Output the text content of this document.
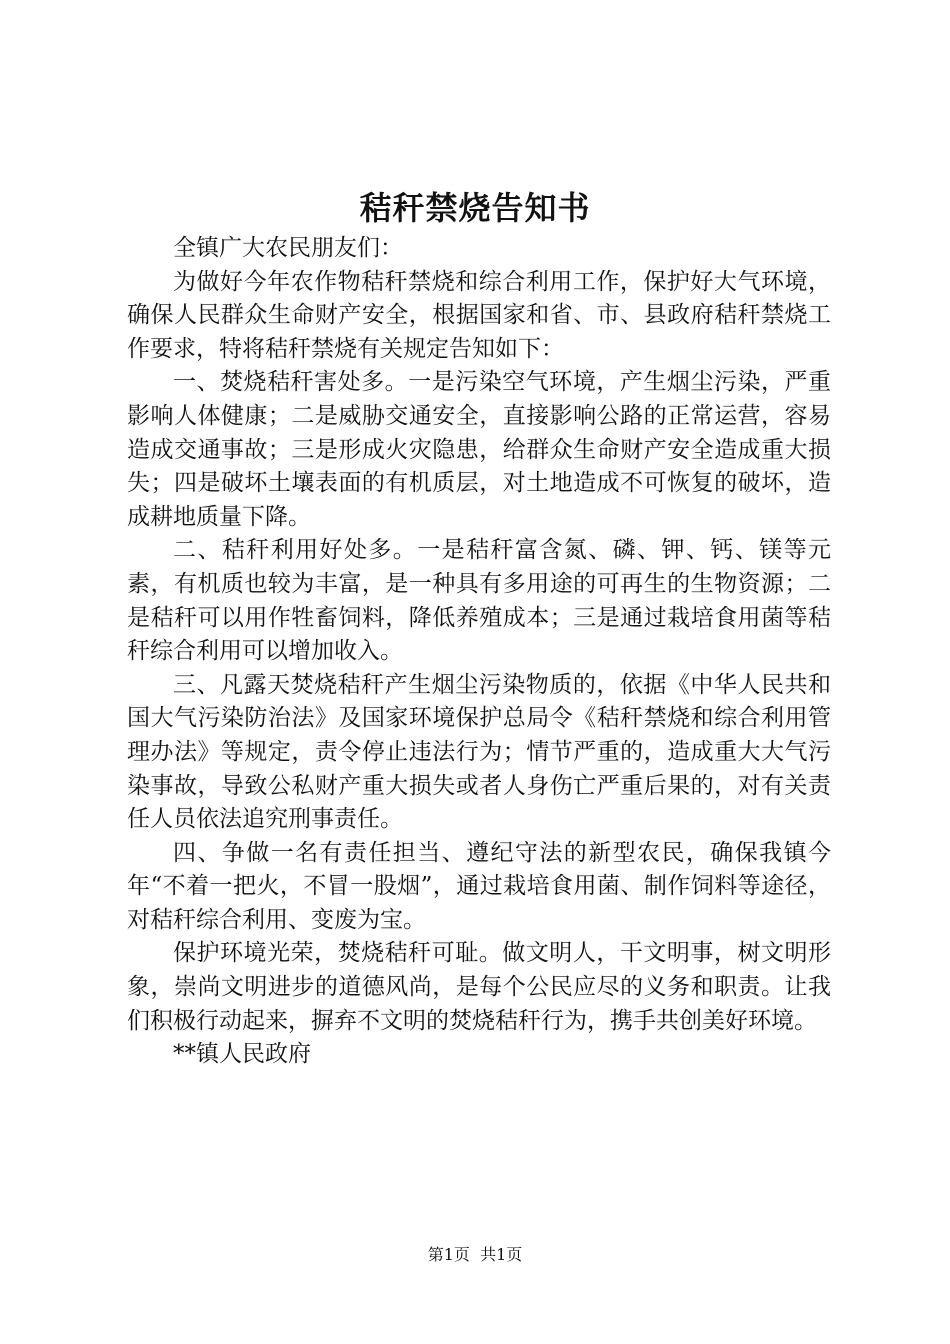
秸秆禁烧告知书

全镇广大农民朋友们：

为做好今年农作物秸秆禁烧和综合利用工作，保护好大气环境，确保人民群众生命财产安全，根据国家和省、市、县政府秸秆禁烧工作要求，特将秸秆禁烧有关规定告知如下：

一、焚烧秸秆害处多。一是污染空气环境，产生烟尘污染，严重影响人体健康；二是威胁交通安全，直接影响公路的正常运营，容易造成交通事故；三是形成火灾隐患，给群众生命财产安全造成重大损失；四是破坏土壤表面的有机质层，对土地造成不可恢复的破坏，造成耕地质量下降。

二、秸秆利用好处多。一是秸秆富含氮、磷、钾、钙、镁等元素，有机质也较为丰富，是一种具有多用途的可再生的生物资源；二是秸秆可以用作牲畜饲料，降低养殖成本；三是通过栽培食用菌等秸秆综合利用可以增加收入。

三、凡露天焚烧秸秆产生烟尘污染物质的，依据《中华人民共和国大气污染防治法》及国家环境保护总局令《秸秆禁烧和综合利用管理办法》等规定，责令停止违法行为；情节严重的，造成重大大气污染事故，导致公私财产重大损失或者人身伤亡严重后果的，对有关责任人员依法追究刑事责任。

四、争做一名有责任担当、遵纪守法的新型农民，确保我镇今年“不着一把火，不冒一股烟”，通过栽培食用菌、制作饲料等途径，对秸秆综合利用、变废为宝。

保护环境光荣，焚烧秸秆可耻。做文明人，干文明事，树文明形象，崇尚文明进步的道德风尚，是每个公民应尽的义务和职责。让我们积极行动起来，摒弃不文明的焚烧秸秆行为，携手共创美好环境。

**镇人民政府

第1页  共1页
